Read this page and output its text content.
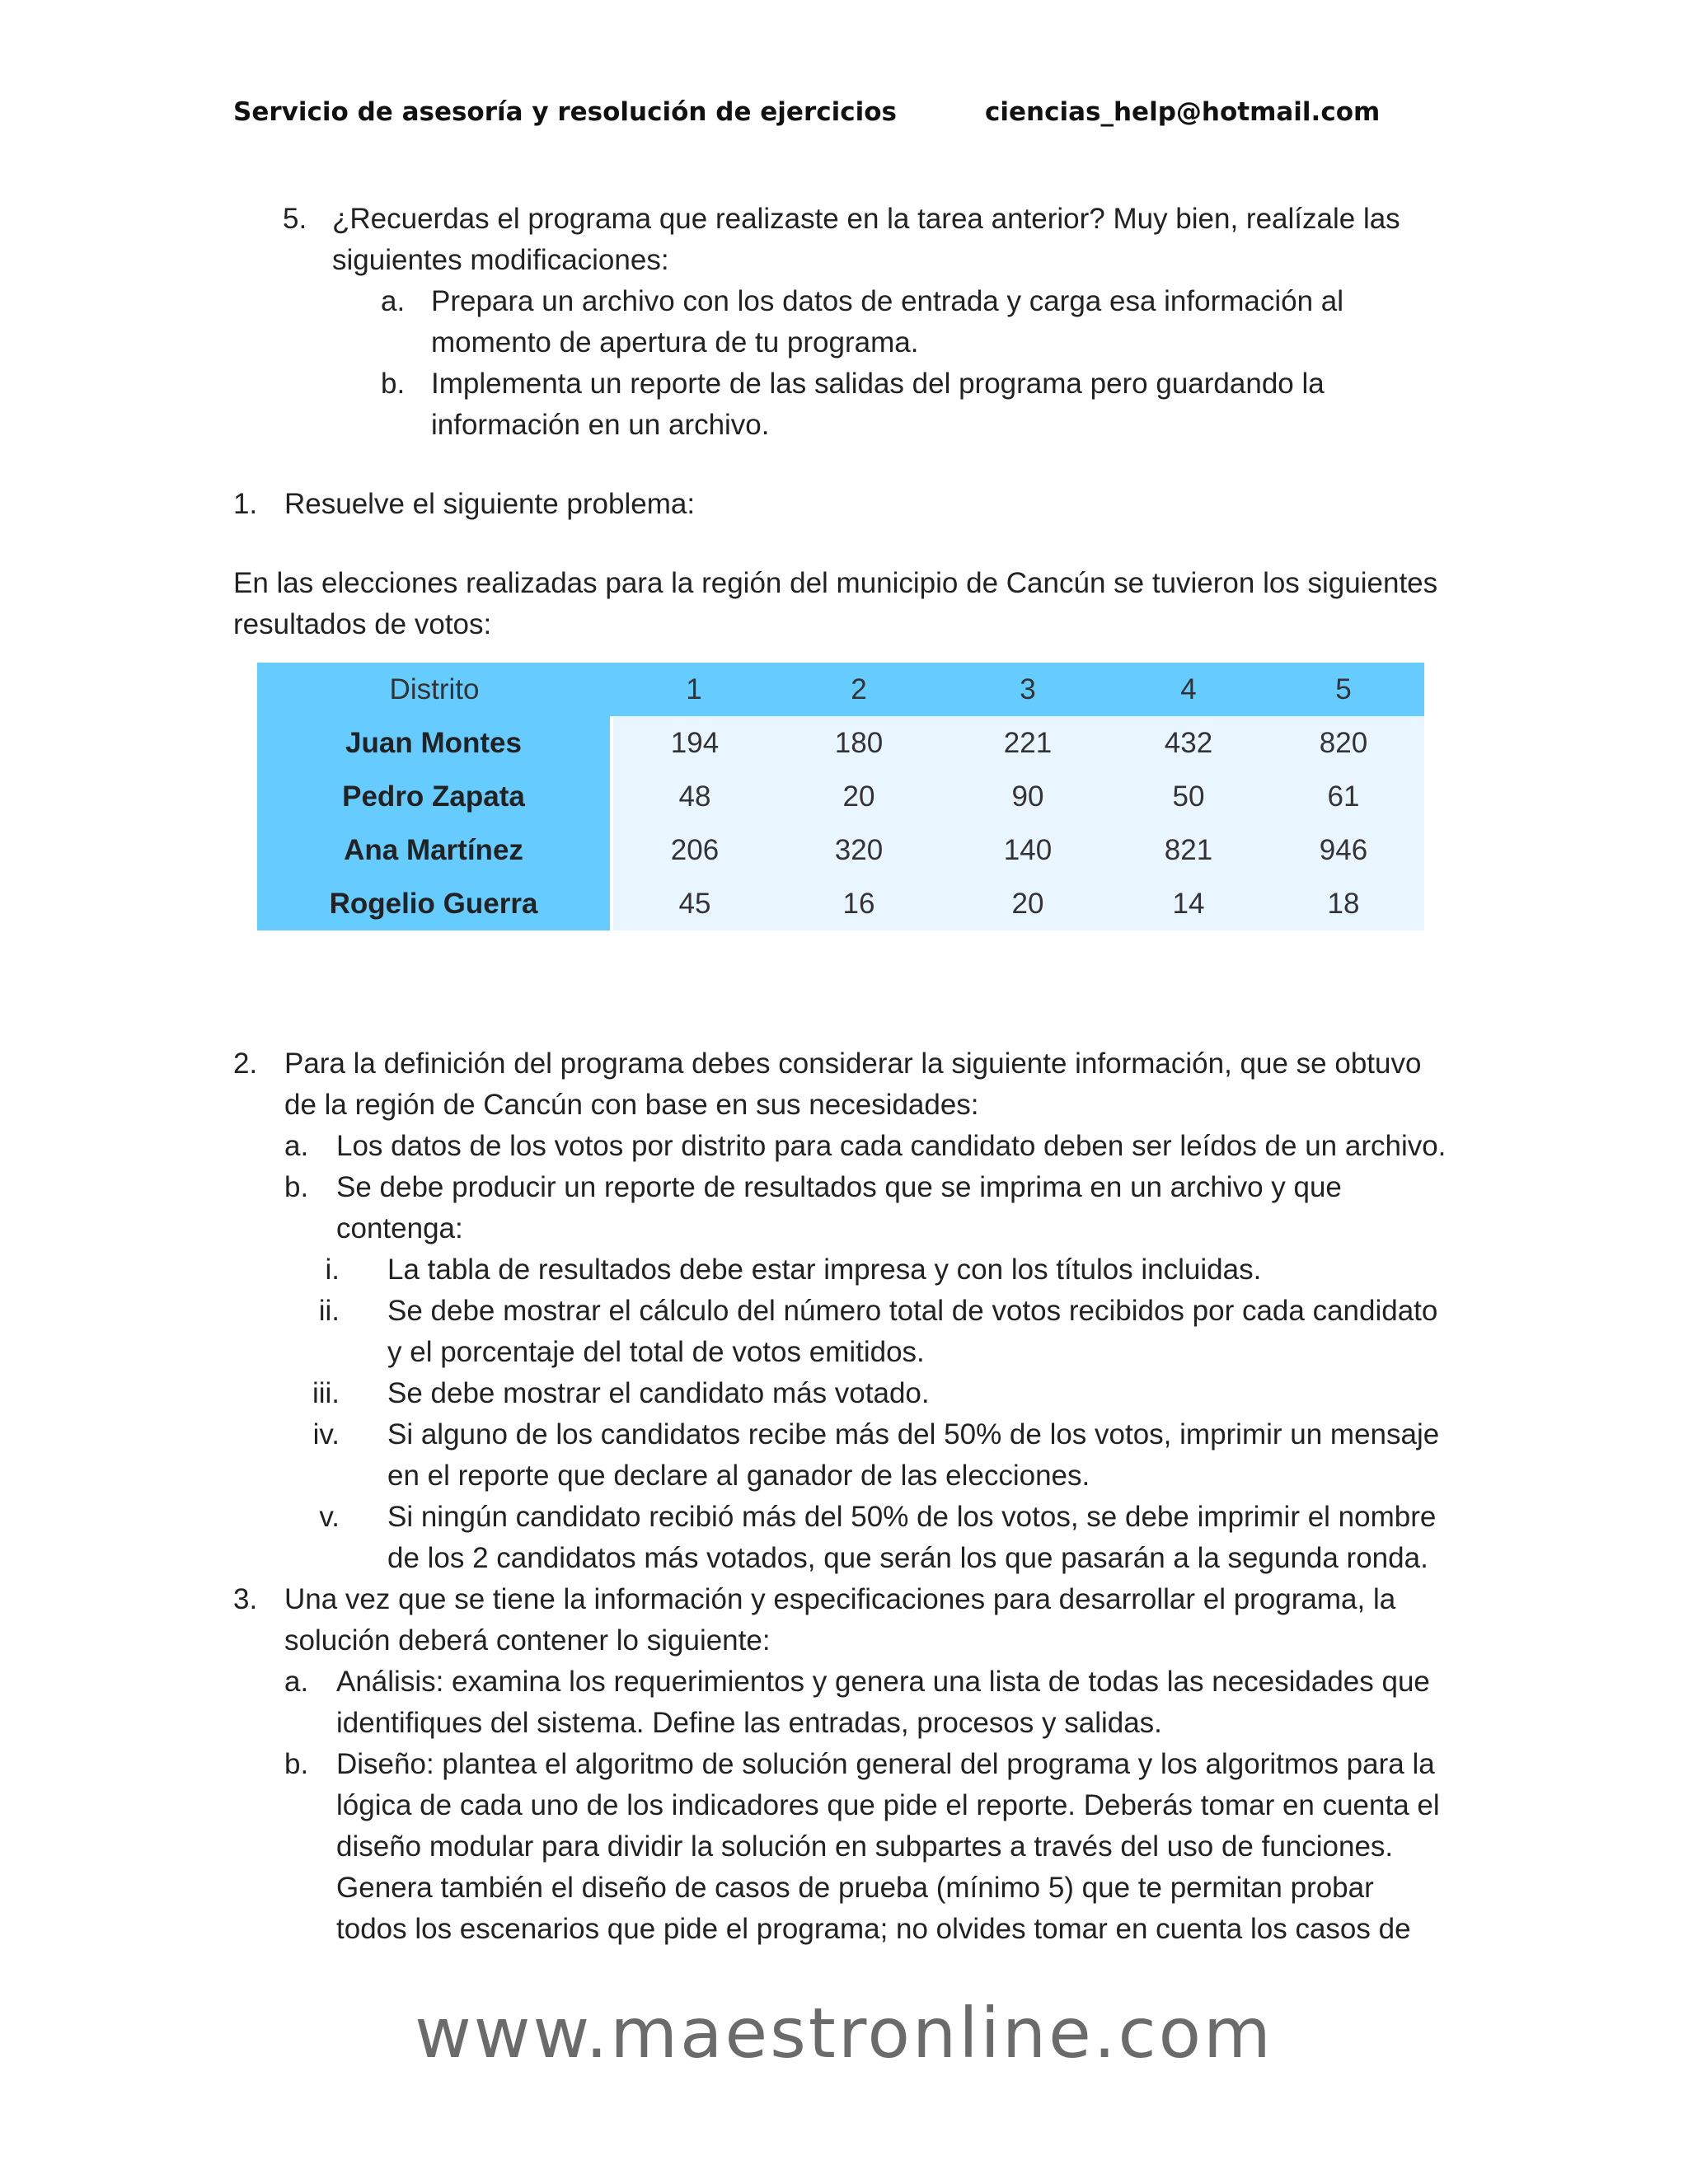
Servicio de asesoría y resolución de ejercicios	ciencias_help@hotmail.com
5. ¿Recuerdas el programa que realizaste en la tarea anterior? Muy bien, realízale las
siguientes modificaciones:
a. Prepara un archivo con los datos de entrada y carga esa información al
momento de apertura de tu programa.
b. Implementa un reporte de las salidas del programa pero guardando la
información en un archivo.
1. Resuelve el siguiente problema:
En las elecciones realizadas para la región del municipio de Cancún se tuvieron los siguientes
resultados de votos:
Distrito	1	2	3	4	5
Juan Montes	194	180	221	432	820
Pedro Zapata	48	20	90	50	61
Ana Martínez	206	320	140	821	946
Rogelio Guerra	45	16	20	14	18
2. Para la definición del programa debes considerar la siguiente información, que se obtuvo
de la región de Cancún con base en sus necesidades:
a. Los datos de los votos por distrito para cada candidato deben ser leídos de un archivo.
b. Se debe producir un reporte de resultados que se imprima en un archivo y que
contenga:
i. La tabla de resultados debe estar impresa y con los títulos incluidas.
ii. Se debe mostrar el cálculo del número total de votos recibidos por cada candidato
y el porcentaje del total de votos emitidos.
iii. Se debe mostrar el candidato más votado.
iv. Si alguno de los candidatos recibe más del 50% de los votos, imprimir un mensaje
en el reporte que declare al ganador de las elecciones.
v. Si ningún candidato recibió más del 50% de los votos, se debe imprimir el nombre
de los 2 candidatos más votados, que serán los que pasarán a la segunda ronda.
3. Una vez que se tiene la información y especificaciones para desarrollar el programa, la
solución deberá contener lo siguiente:
a. Análisis: examina los requerimientos y genera una lista de todas las necesidades que
identifiques del sistema. Define las entradas, procesos y salidas.
b. Diseño: plantea el algoritmo de solución general del programa y los algoritmos para la
lógica de cada uno de los indicadores que pide el reporte. Deberás tomar en cuenta el
diseño modular para dividir la solución en subpartes a través del uso de funciones.
Genera también el diseño de casos de prueba (mínimo 5) que te permitan probar
todos los escenarios que pide el programa; no olvides tomar en cuenta los casos de
www.maestronline.com
